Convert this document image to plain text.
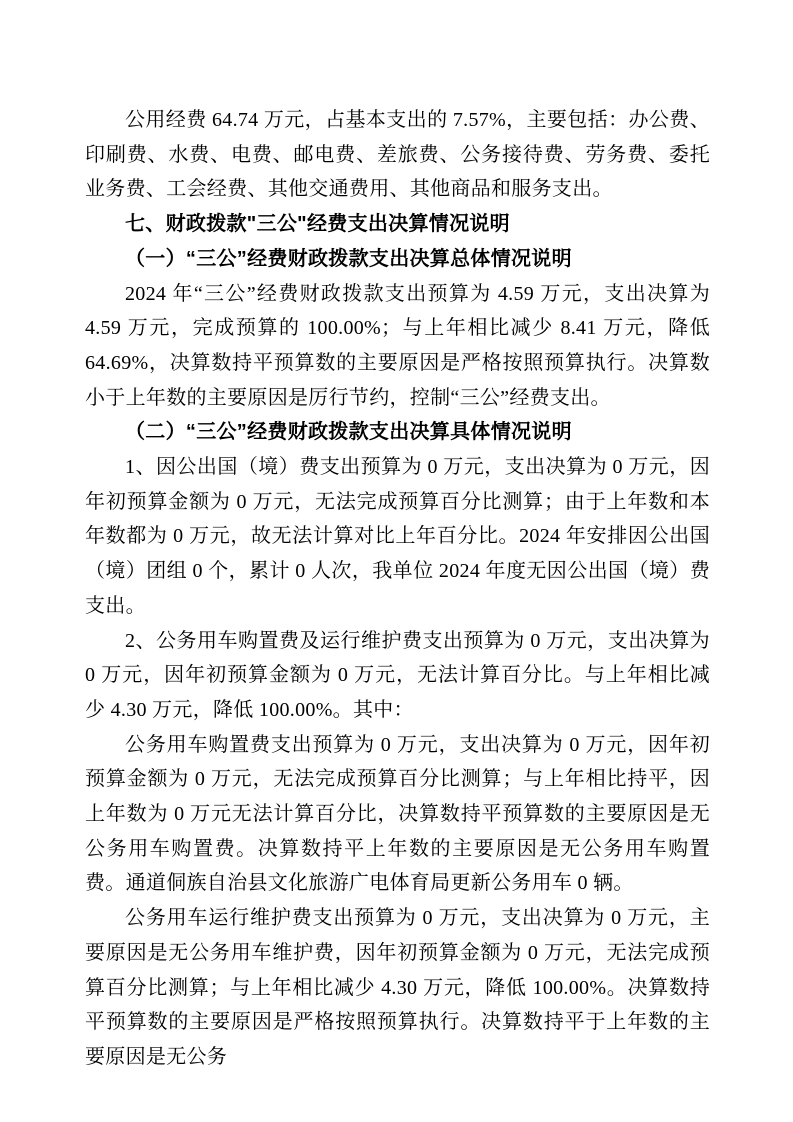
公用经费 64.74 万元，占基本支出的 7.57%，主要包括：办公费、印刷费、水费、电费、邮电费、差旅费、公务接待费、劳务费、委托业务费、工会经费、其他交通费用、其他商品和服务支出。

七、财政拨款"三公"经费支出决算情况说明
（一）“三公”经费财政拨款支出决算总体情况说明

2024 年“三公”经费财政拨款支出预算为 4.59 万元，支出决算为 4.59 万元，完成预算的 100.00%；与上年相比减少 8.41 万元，降低 64.69%，决算数持平预算数的主要原因是严格按照预算执行。决算数小于上年数的主要原因是厉行节约，控制“三公”经费支出。

（二）“三公”经费财政拨款支出决算具体情况说明

1、因公出国（境）费支出预算为 0 万元，支出决算为 0 万元，因年初预算金额为 0 万元，无法完成预算百分比测算；由于上年数和本年数都为 0 万元，故无法计算对比上年百分比。2024 年安排因公出国（境）团组 0 个，累计 0 人次，我单位 2024 年度无因公出国（境）费支出。

2、公务用车购置费及运行维护费支出预算为 0 万元，支出决算为 0 万元，因年初预算金额为 0 万元，无法计算百分比。与上年相比减少 4.30 万元，降低 100.00%。其中：

公务用车购置费支出预算为 0 万元，支出决算为 0 万元，因年初预算金额为 0 万元，无法完成预算百分比测算；与上年相比持平，因上年数为 0 万元无法计算百分比，决算数持平预算数的主要原因是无公务用车购置费。决算数持平上年数的主要原因是无公务用车购置费。通道侗族自治县文化旅游广电体育局更新公务用车 0 辆。

公务用车运行维护费支出预算为 0 万元，支出决算为 0 万元，主要原因是无公务用车维护费，因年初预算金额为 0 万元，无法完成预算百分比测算；与上年相比减少 4.30 万元，降低 100.00%。决算数持平预算数的主要原因是严格按照预算执行。决算数持平于上年数的主要原因是无公务
